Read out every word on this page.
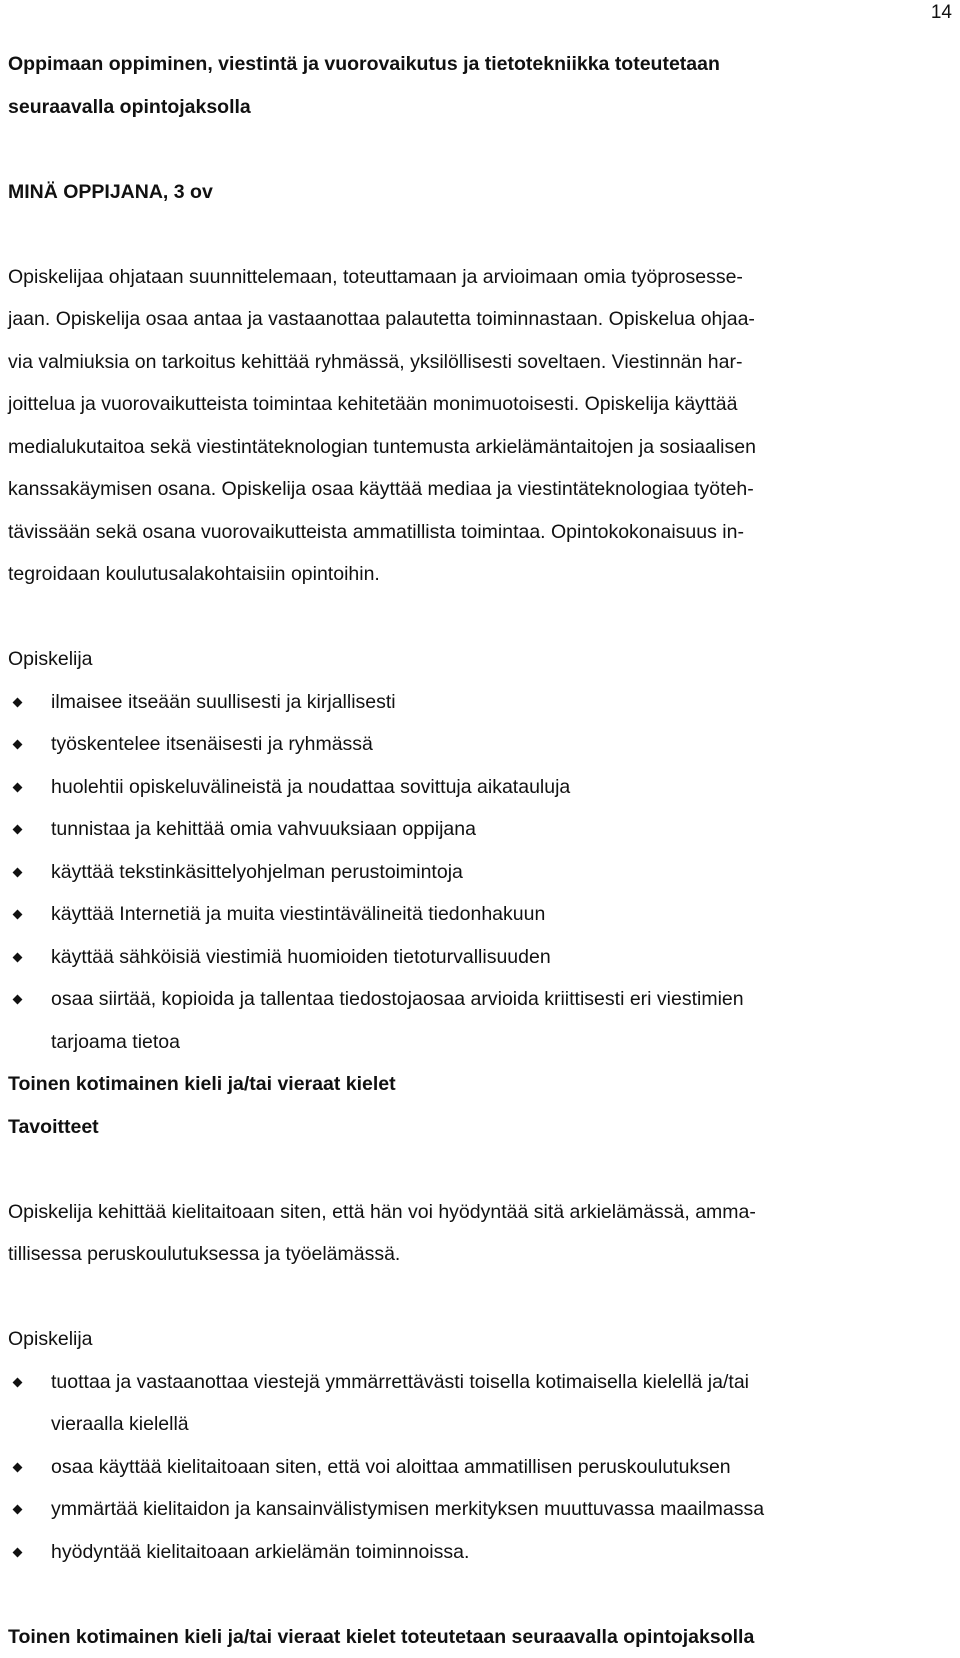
14
Oppimaan oppiminen, viestintä ja vuorovaikutus ja tietotekniikka toteutetaan
seuraavalla opintojaksolla
MINÄ OPPIJANA, 3 ov
Opiskelijaa ohjataan suunnittelemaan, toteuttamaan ja arvioimaan omia työprosesse-
jaan. Opiskelija osaa antaa ja vastaanottaa palautetta toiminnastaan. Opiskelua ohjaa-
via valmiuksia on tarkoitus kehittää ryhmässä, yksilöllisesti soveltaen. Viestinnän har-
joittelua ja vuorovaikutteista toimintaa kehitetään monimuotoisesti. Opiskelija käyttää
medialukutaitoa sekä viestintäteknologian tuntemusta arkielämäntaitojen ja sosiaalisen
kanssakäymisen osana. Opiskelija osaa käyttää mediaa ja viestintäteknologiaa työteh-
tävissään sekä osana vuorovaikutteista ammatillista toimintaa. Opintokokonaisuus in-
tegroidaan koulutusalakohtaisiin opintoihin.
Opiskelija
ilmaisee itseään suullisesti ja kirjallisesti
työskentelee itsenäisesti ja ryhmässä
huolehtii opiskeluvälineistä ja noudattaa sovittuja aikatauluja
tunnistaa ja kehittää omia vahvuuksiaan oppijana
käyttää tekstinkäsittelyohjelman perustoimintoja
käyttää Internetiä ja muita viestintävälineitä tiedonhakuun
käyttää sähköisiä viestimiä huomioiden tietoturvallisuuden
osaa siirtää, kopioida ja tallentaa tiedostojaosaa arvioida kriittisesti eri viestimien
tarjoama tietoa
Toinen kotimainen kieli ja/tai vieraat kielet
Tavoitteet
Opiskelija kehittää kielitaitoaan siten, että hän voi hyödyntää sitä arkielämässä, amma-
tillisessa peruskoulutuksessa ja työelämässä.
Opiskelija
tuottaa ja vastaanottaa viestejä ymmärrettävästi toisella kotimaisella kielellä ja/tai
vieraalla kielellä
osaa käyttää kielitaitoaan siten, että voi aloittaa ammatillisen peruskoulutuksen
ymmärtää kielitaidon ja kansainvälistymisen merkityksen muuttuvassa maailmassa
hyödyntää kielitaitoaan arkielämän toiminnoissa.
Toinen kotimainen kieli ja/tai vieraat kielet toteutetaan seuraavalla opintojaksolla
